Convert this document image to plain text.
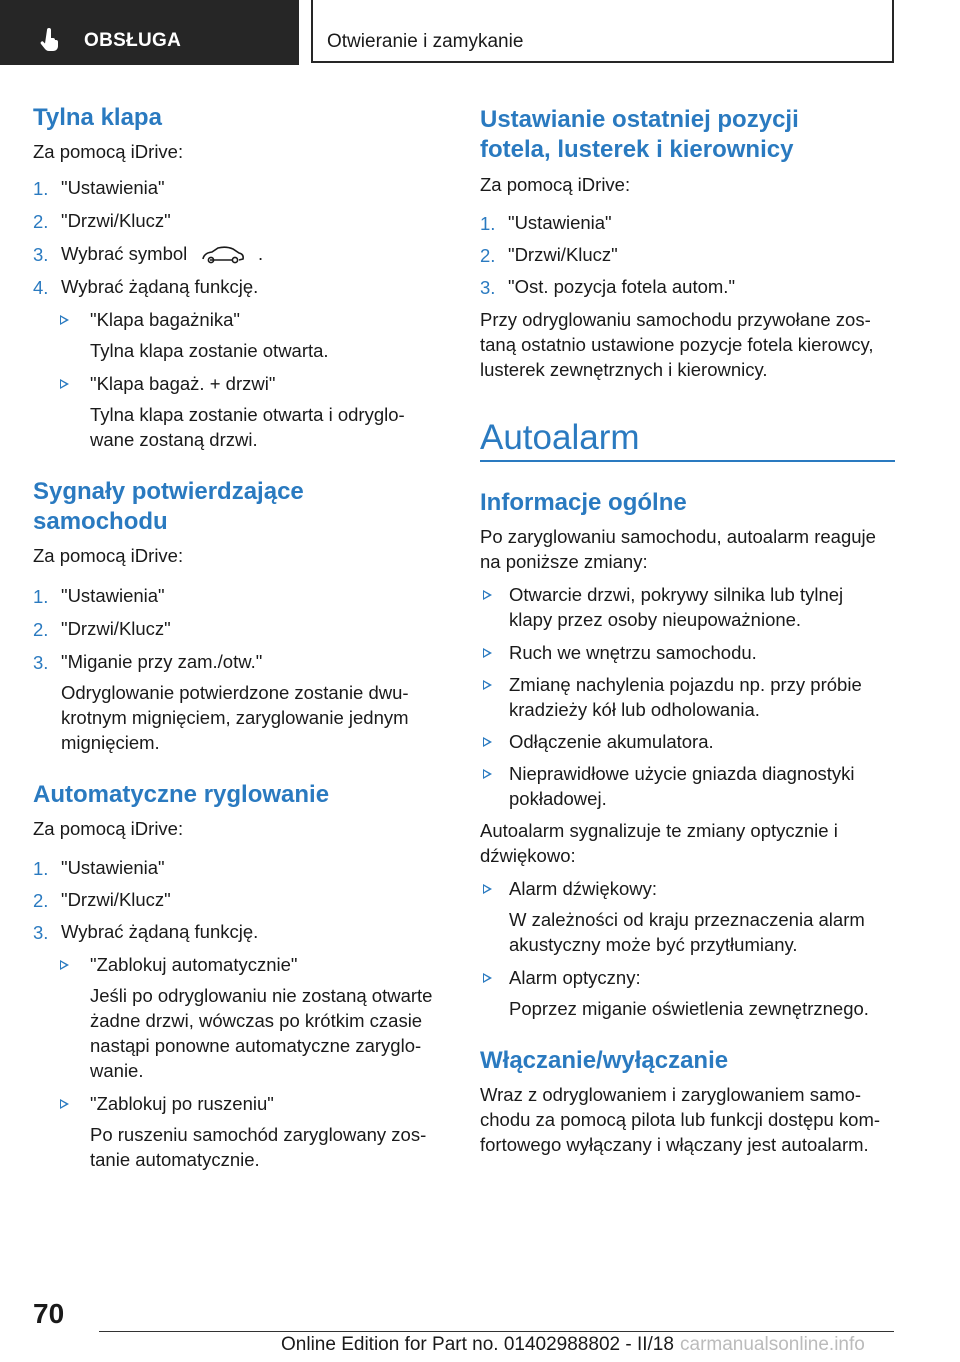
OBSŁUGA	Otwieranie i zamykanie
Tylna klapa
Za pomocą iDrive:
1. "Ustawienia"
2. "Drzwi/Klucz"
3. Wybrać symbol	.
4. Wybrać żądaną funkcję.
"Klapa bagażnika"
Tylna klapa zostanie otwarta.
"Klapa bagaż. + drzwi"
Tylna klapa zostanie otwarta i odryglo-
wane zostaną drzwi.
Sygnały potwierdzające
samochodu
Za pomocą iDrive:
1. "Ustawienia"
2. "Drzwi/Klucz"
3. "Miganie przy zam./otw."
Odryglowanie potwierdzone zostanie dwu-
krotnym mignięciem, zaryglowanie jednym
mignięciem.
Automatyczne ryglowanie
Za pomocą iDrive:
1. "Ustawienia"
2. "Drzwi/Klucz"
3. Wybrać żądaną funkcję.
"Zablokuj automatycznie"
Jeśli po odryglowaniu nie zostaną otwarte
żadne drzwi, wówczas po krótkim czasie
nastąpi ponowne automatyczne zaryglo-
wanie.
"Zablokuj po ruszeniu"
Po ruszeniu samochód zaryglowany zos-
tanie automatycznie.
Ustawianie ostatniej pozycji
fotela, lusterek i kierownicy
Za pomocą iDrive:
1. "Ustawienia"
2. "Drzwi/Klucz"
3. "Ost. pozycja fotela autom."
Przy odryglowaniu samochodu przywołane zos-
taną ostatnio ustawione pozycje fotela kierowcy,
lusterek zewnętrznych i kierownicy.
Autoalarm
Informacje ogólne
Po zaryglowaniu samochodu, autoalarm reaguje
na poniższe zmiany:
Otwarcie drzwi, pokrywy silnika lub tylnej
klapy przez osoby nieupoważnione.
Ruch we wnętrzu samochodu.
Zmianę nachylenia pojazdu np. przy próbie
kradzieży kół lub odholowania.
Odłączenie akumulatora.
Nieprawidłowe użycie gniazda diagnostyki
pokładowej.
Autoalarm sygnalizuje te zmiany optycznie i
dźwiękowo:
Alarm dźwiękowy:
W zależności od kraju przeznaczenia alarm
akustyczny może być przytłumiany.
Alarm optyczny:
Poprzez miganie oświetlenia zewnętrznego.
Włączanie/wyłączanie
Wraz z odryglowaniem i zaryglowaniem samo-
chodu za pomocą pilota lub funkcji dostępu kom-
fortowego wyłączany i włączany jest autoalarm.
70
Online Edition for Part no. 01402988802 - II/18 carmanualsonline.info
